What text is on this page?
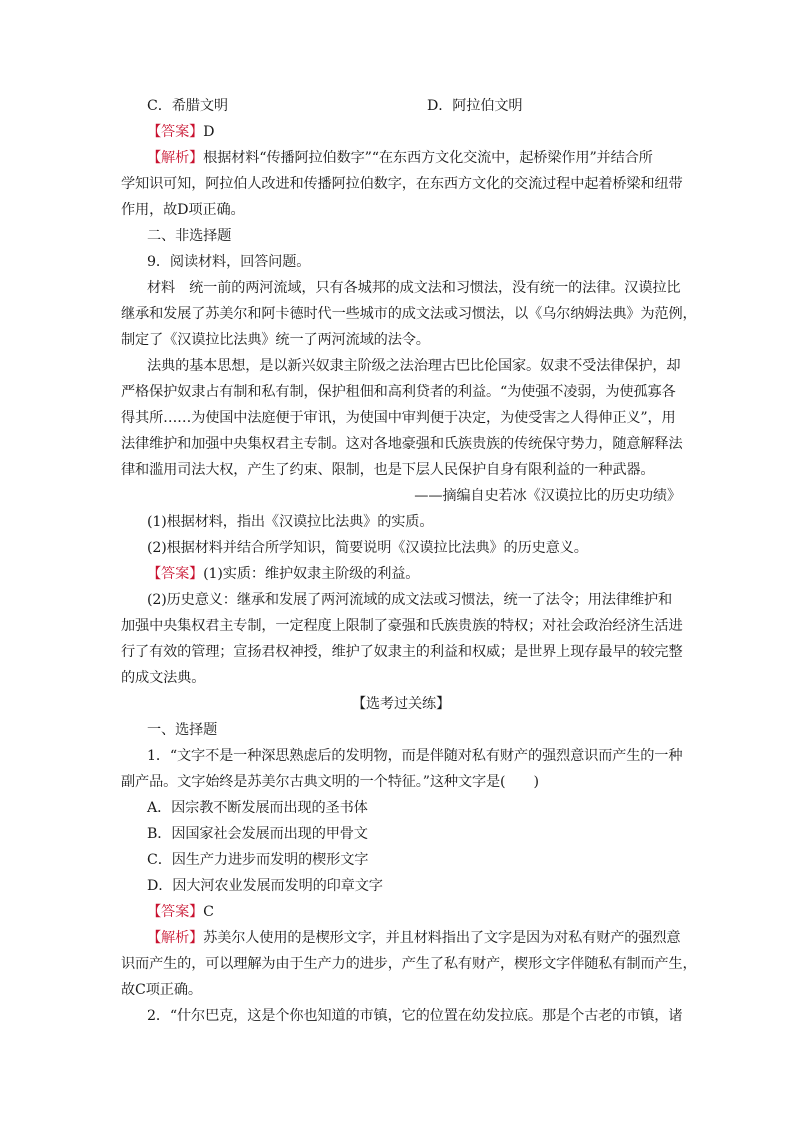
C．希腊文明	D．阿拉伯文明
【答案】D
【解析】根据材料“传播阿拉伯数字”“在东西方文化交流中，起桥梁作用”并结合所
学知识可知，阿拉伯人改进和传播阿拉伯数字，在东西方文化的交流过程中起着桥梁和纽带
作用，故D项正确。
二、非选择题
9．阅读材料，回答问题。
材料　统一前的两河流域，只有各城邦的成文法和习惯法，没有统一的法律。汉谟拉比
继承和发展了苏美尔和阿卡德时代一些城市的成文法或习惯法，以《乌尔纳姆法典》为范例，
制定了《汉谟拉比法典》统一了两河流域的法令。
法典的基本思想，是以新兴奴隶主阶级之法治理古巴比伦国家。奴隶不受法律保护，却
严格保护奴隶占有制和私有制，保护租佃和高利贷者的利益。“为使强不凌弱，为使孤寡各
得其所……为使国中法庭便于审讯，为使国中审判便于决定，为使受害之人得伸正义”，用
法律维护和加强中央集权君主专制。这对各地豪强和氏族贵族的传统保守势力，随意解释法
律和滥用司法大权，产生了约束、限制，也是下层人民保护自身有限利益的一种武器。
——摘编自史若冰《汉谟拉比的历史功绩》
(1)根据材料，指出《汉谟拉比法典》的实质。
(2)根据材料并结合所学知识，简要说明《汉谟拉比法典》的历史意义。
【答案】(1)实质：维护奴隶主阶级的利益。
(2)历史意义：继承和发展了两河流域的成文法或习惯法，统一了法令；用法律维护和
加强中央集权君主专制，一定程度上限制了豪强和氏族贵族的特权；对社会政治经济生活进
行了有效的管理；宣扬君权神授，维护了奴隶主的利益和权威；是世界上现存最早的较完整
的成文法典。
【选考过关练】
一、选择题
1．“文字不是一种深思熟虑后的发明物，而是伴随对私有财产的强烈意识而产生的一种
副产品。文字始终是苏美尔古典文明的一个特征。”这种文字是(　　)
A．因宗教不断发展而出现的圣书体
B．因国家社会发展而出现的甲骨文
C．因生产力进步而发明的楔形文字
D．因大河农业发展而发明的印章文字
【答案】C
【解析】苏美尔人使用的是楔形文字，并且材料指出了文字是因为对私有财产的强烈意
识而产生的，可以理解为由于生产力的进步，产生了私有财产，楔形文字伴随私有制而产生，
故C项正确。
2．“什尔巴克，这是个你也知道的市镇，它的位置在幼发拉底。那是个古老的市镇，诸
